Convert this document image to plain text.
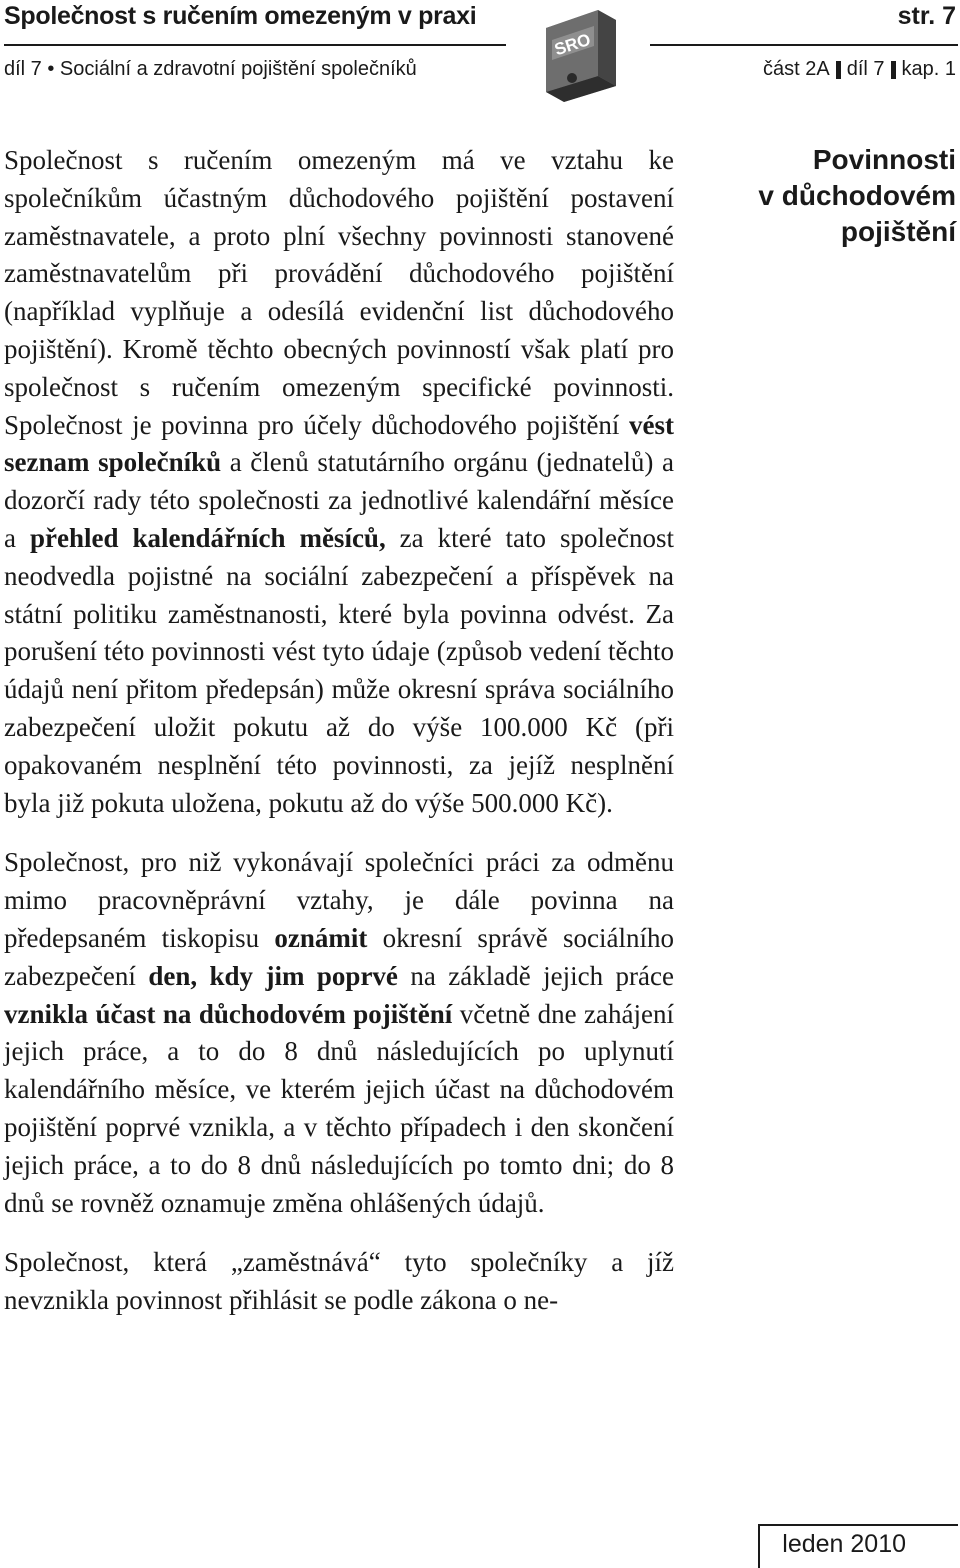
Společnost s ručením omezeným v praxi	str. 7
díl 7 • Sociální a zdravotní pojištění společníků	část 2A díl 7 kap. 1
SRO
Povinnosti
v důchodovém
pojištění

Společnost s ručením omezeným má ve vztahu ke společníkům účastným důchodového pojištění postavení zaměstnavatele, a proto plní všechny povinnosti stanovené zaměstnavatelům při provádění důchodového pojištění (například vyplňuje a odesílá evidenční list důchodového pojištění). Kromě těchto obecných povinností však platí pro společnost s ručením omezeným specifické povinnosti. Společnost je povinna pro účely důchodového pojištění vést seznam společníků a členů statutárního orgánu (jednatelů) a dozorčí rady této společnosti za jednotlivé kalendářní měsíce a přehled kalendářních měsíců, za které tato společnost neodvedla pojistné na sociální zabezpečení a příspěvek na státní politiku zaměstnanosti, které byla povinna odvést. Za porušení této povinnosti vést tyto údaje (způsob vedení těchto údajů není přitom předepsán) může okresní správa sociálního zabezpečení uložit pokutu až do výše 100.000 Kč (při opakovaném nesplnění této povinnosti, za jejíž nesplnění byla již pokuta uložena, pokutu až do výše 500.000 Kč).

Společnost, pro niž vykonávají společníci práci za odměnu mimo pracovněprávní vztahy, je dále povinna na předepsaném tiskopisu oznámit okresní správě sociálního zabezpečení den, kdy jim poprvé na základě jejich práce vznikla účast na důchodovém pojištění včetně dne zahájení jejich práce, a to do 8 dnů následujících po uplynutí kalendářního měsíce, ve kterém jejich účast na důchodovém pojištění poprvé vznikla, a v těchto případech i den skončení jejich práce, a to do 8 dnů následujících po tomto dni; do 8 dnů se rovněž oznamuje změna ohlášených údajů.

Společnost, která „zaměstnává“ tyto společníky a jíž nevznikla povinnost přihlásit se podle zákona o ne-

leden 2010
